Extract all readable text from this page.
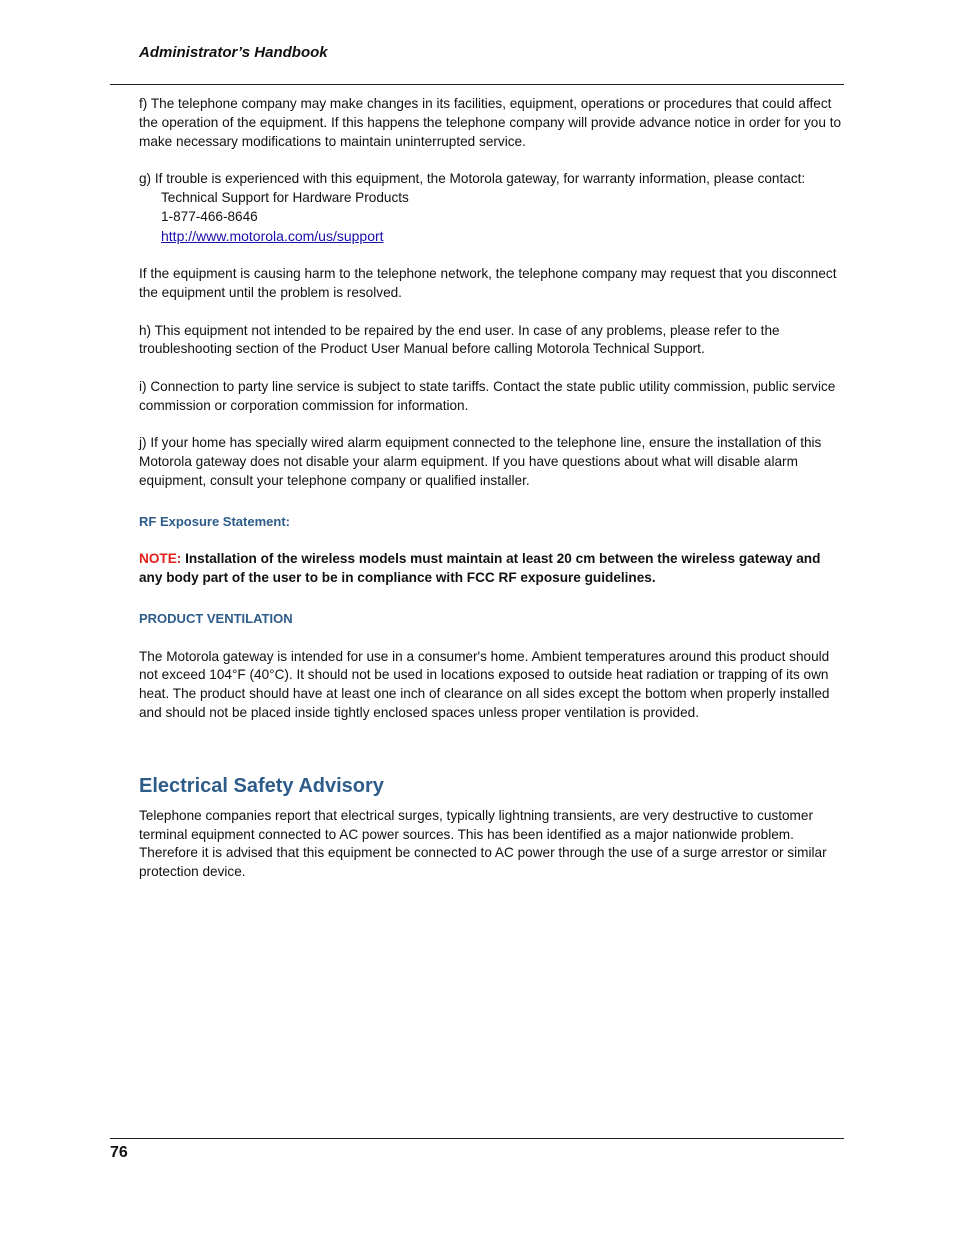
Administrator’s Handbook

f) The telephone company may make changes in its facilities, equipment, operations or procedures that could affect the operation of the equipment. If this happens the telephone company will provide advance notice in order for you to make necessary modifications to maintain uninterrupted service.

g) If trouble is experienced with this equipment, the Motorola gateway, for warranty information, please contact:

Technical Support for Hardware Products

1-877-466-8646

http://www.motorola.com/us/support

If the equipment is causing harm to the telephone network, the telephone company may request that you disconnect the equipment until the problem is resolved.

h) This equipment not intended to be repaired by the end user. In case of any problems, please refer to the troubleshooting section of the Product User Manual before calling Motorola Technical Support.

i) Connection to party line service is subject to state tariffs. Contact the state public utility commission, public service commission or corporation commission for information.

j) If your home has specially wired alarm equipment connected to the telephone line, ensure the installation of this Motorola gateway does not disable your alarm equipment. If you have questions about what will disable alarm equipment, consult your telephone company or qualified installer.

RF Exposure Statement:

NOTE: Installation of the wireless models must maintain at least 20 cm between the wireless gateway and any body part of the user to be in compliance with FCC RF exposure guidelines.

PRODUCT VENTILATION

The Motorola gateway is intended for use in a consumer's home. Ambient temperatures around this product should not exceed 104°F (40°C). It should not be used in locations exposed to outside heat radiation or trapping of its own heat. The product should have at least one inch of clearance on all sides except the bottom when properly installed and should not be placed inside tightly enclosed spaces unless proper ventilation is provided.

Electrical Safety Advisory

Telephone companies report that electrical surges, typically lightning transients, are very destructive to customer terminal equipment connected to AC power sources. This has been identified as a major nationwide problem. Therefore it is advised that this equipment be connected to AC power through the use of a surge arrestor or similar protection device.

76
